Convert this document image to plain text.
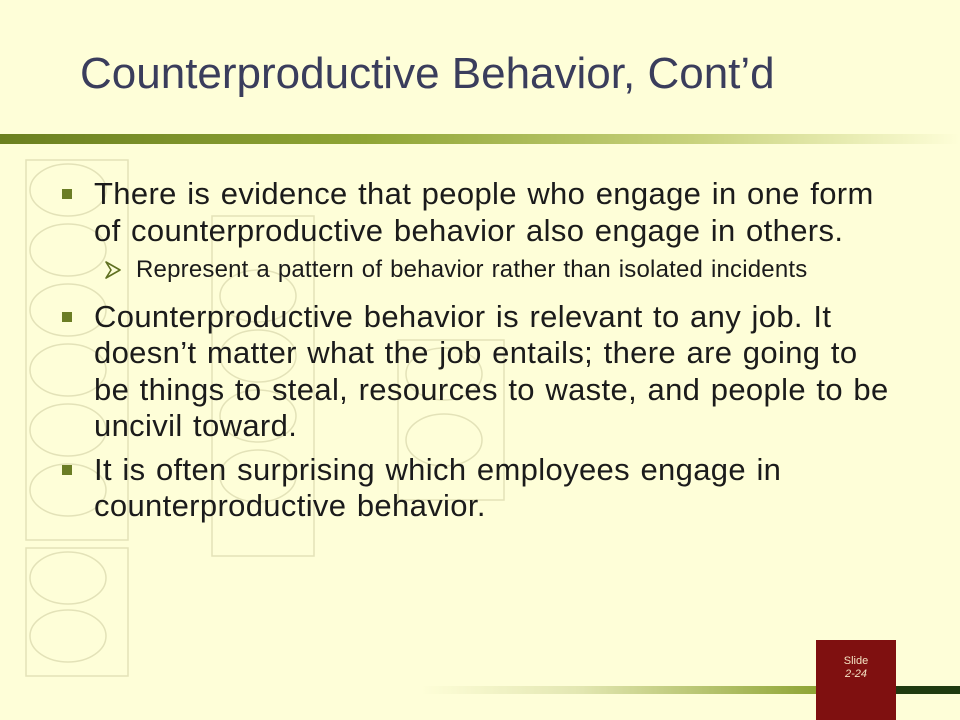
Counterproductive Behavior, Cont’d
There is evidence that people who engage in one form of counterproductive behavior also engage in others.
Represent a pattern of behavior rather than isolated incidents
Counterproductive behavior is relevant to any job. It doesn’t matter what the job entails; there are going to be things to steal, resources to waste, and people to be uncivil toward.
It is often surprising which employees engage in counterproductive behavior.
Slide
2-24
